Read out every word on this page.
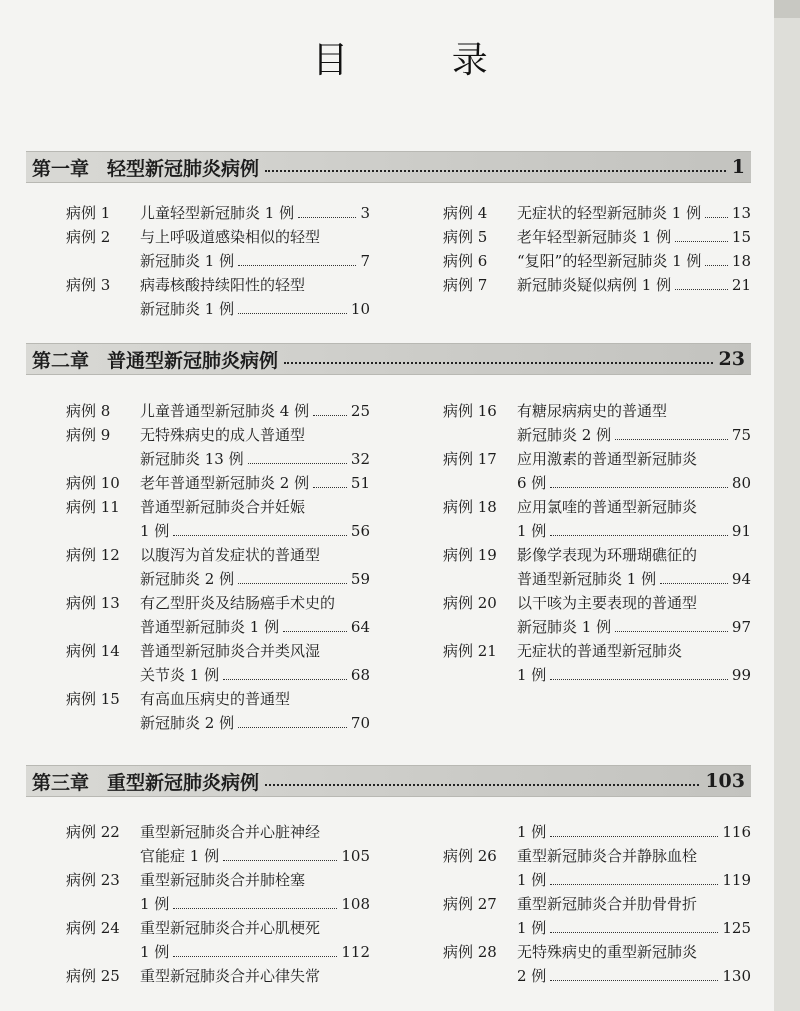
目 录
第一章 轻型新冠肺炎病例	1
第二章 普通型新冠肺炎病例	23
第三章 重型新冠肺炎病例	103
病例 1	儿童轻型新冠肺炎 1 例	3
病例 2	与上呼吸道感染相似的轻型
新冠肺炎 1 例	7
病例 3	病毒核酸持续阳性的轻型
新冠肺炎 1 例	10
病例 4	无症状的轻型新冠肺炎 1 例 13
病例 5	老年轻型新冠肺炎 1 例	15
病例 6	“复阳”的轻型新冠肺炎 1 例 18
病例 7	新冠肺炎疑似病例 1 例	21
病例 8	儿童普通型新冠肺炎 4 例	25
病例 9	无特殊病史的成人普通型
新冠肺炎 13 例	32
病例 10	老年普通型新冠肺炎 2 例	51
病例 11	普通型新冠肺炎合并妊娠
1 例	56
病例 12	以腹泻为首发症状的普通型
新冠肺炎 2 例	59
病例 13	有乙型肝炎及结肠癌手术史的
普通型新冠肺炎 1 例	64
病例 14	普通型新冠肺炎合并类风湿
关节炎 1 例	68
病例 15	有高血压病史的普通型
新冠肺炎 2 例	70
病例 16	有糖尿病病史的普通型
新冠肺炎 2 例	75
病例 17	应用激素的普通型新冠肺炎
6 例	80
病例 18	应用氯喹的普通型新冠肺炎
1 例	91
病例 19	影像学表现为环珊瑚礁征的
普通型新冠肺炎 1 例	94
病例 20	以干咳为主要表现的普通型
新冠肺炎 1 例	97
病例 21	无症状的普通型新冠肺炎
1 例	99
病例 22	重型新冠肺炎合并心脏神经
官能症 1 例	105
病例 23	重型新冠肺炎合并肺栓塞
1 例	108
病例 24	重型新冠肺炎合并心肌梗死
1 例	112
病例 25	重型新冠肺炎合并心律失常
1 例	116
病例 26	重型新冠肺炎合并静脉血栓
1 例	119
病例 27	重型新冠肺炎合并肋骨骨折
1 例	125
病例 28	无特殊病史的重型新冠肺炎
2 例	130
